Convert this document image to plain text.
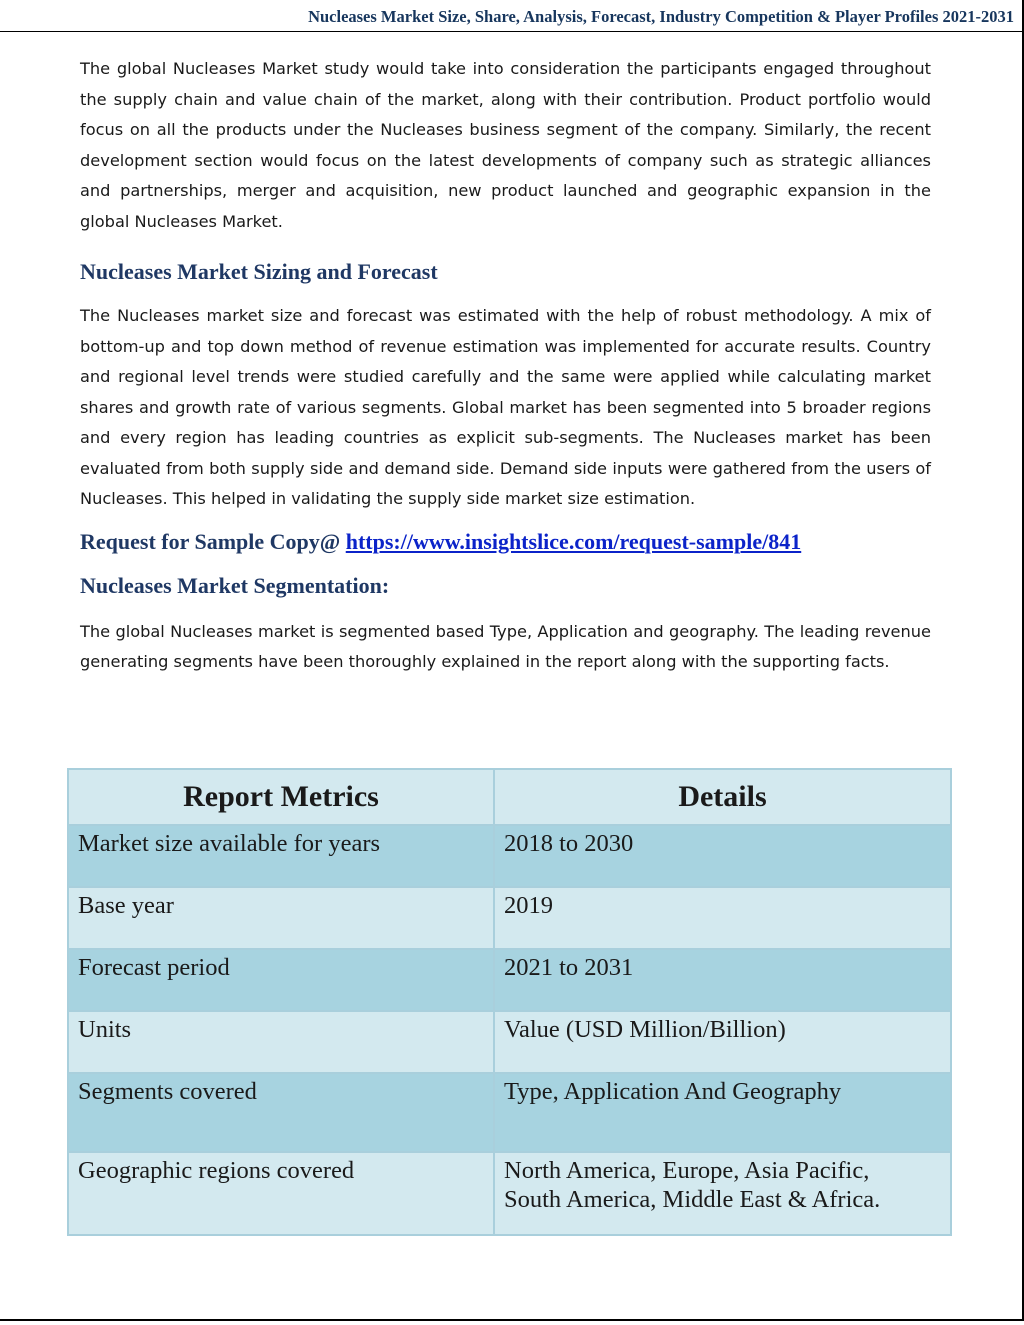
Nucleases Market Size, Share, Analysis, Forecast, Industry Competition & Player Profiles 2021-2031

The global Nucleases Market study would take into consideration the participants engaged throughout the supply chain and value chain of the market, along with their contribution. Product portfolio would focus on all the products under the Nucleases business segment of the company. Similarly, the recent development section would focus on the latest developments of company such as strategic alliances and partnerships, merger and acquisition, new product launched and geographic expansion in the global Nucleases Market.

Nucleases Market Sizing and Forecast

The Nucleases market size and forecast was estimated with the help of robust methodology. A mix of bottom-up and top down method of revenue estimation was implemented for accurate results. Country and regional level trends were studied carefully and the same were applied while calculating market shares and growth rate of various segments. Global market has been segmented into 5 broader regions and every region has leading countries as explicit sub-segments. The Nucleases market has been evaluated from both supply side and demand side. Demand side inputs were gathered from the users of Nucleases. This helped in validating the supply side market size estimation.

Request for Sample Copy@ https://www.insightslice.com/request-sample/841
Nucleases Market Segmentation:

The global Nucleases market is segmented based Type, Application and geography. The leading revenue generating segments have been thoroughly explained in the report along with the supporting facts.

Report Metrics	Details
Market size available for years	2018 to 2030
Base year	2019
Forecast period	2021 to 2031
Units	Value (USD Million/Billion)
Segments covered	Type, Application And Geography
Geographic regions covered	North America, Europe, Asia Pacific,
South America, Middle East & Africa.
